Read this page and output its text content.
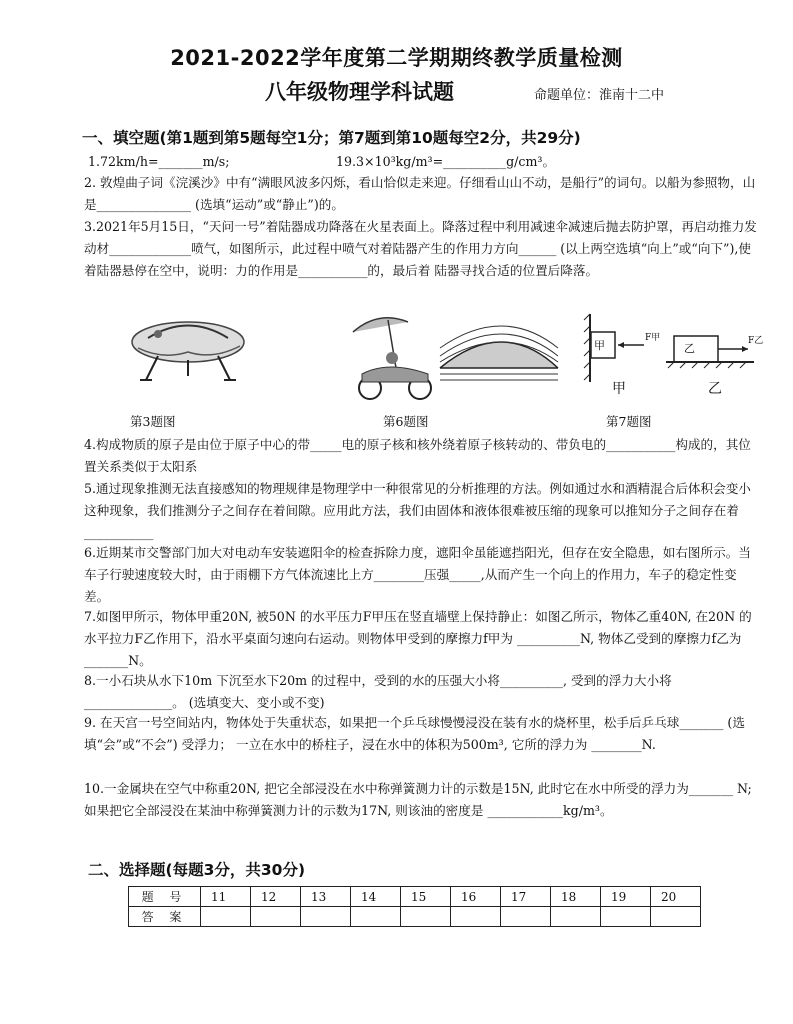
2021-2022学年度第二学期期终教学质量检测
八年级物理学科试题	命题单位：淮南十二中
一、填空题(第1题到第5题每空1分；第7题到第10题每空2分，共29分)
1.72km/h=_______m/s;	19.3×10³kg/m³=__________g/cm³。
2. 敦煌曲子词《浣溪沙》中有“满眼风波多闪烁，看山恰似走来迎。仔细看山山不动，是船行”的词句。以船为参照物，山是_______________ (选填“运动”或“静止”)的。
3.2021年5月15日，“天问一号”着陆器成功降落在火星表面上。降落过程中利用减速伞减速后抛去防护罩，再启动推力发动材_____________喷气，如图所示，此过程中喷气对着陆器产生的作用力方向______ (以上两空选填“向上”或“向下”),使着陆器悬停在空中，说明：力的作用是___________的，最后着 陆器寻找合适的位置后降落。
甲	乙
F甲	F乙
甲	乙
第3题图	第6题图	第7题图
4.构成物质的原子是由位于原子中心的带_____电的原子核和核外绕着原子核转动的、带负电的___________构成的，其位置关系类似于太阳系
5.通过现象推测无法直接感知的物理规律是物理学中一种很常见的分析推理的方法。例如通过水和酒精混合后体积会变小这种现象，我们推测分子之间存在着间隙。应用此方法，我们由固体和液体很难被压缩的现象可以推知分子之间存在着 ___________
6.近期某市交警部门加大对电动车安装遮阳伞的检查拆除力度，遮阳伞虽能遮挡阳光，但存在安全隐患，如右图所示。当车子行驶速度较大时，由于雨棚下方气体流速比上方________压强_____,从而产生一个向上的作用力，车子的稳定性变差。
7.如图甲所示，物体甲重20N, 被50N 的水平压力F甲压在竖直墙壁上保持静止：如图乙所示，物体乙重40N, 在20N 的水平拉力F乙作用下，沿水平桌面匀速向右运动。则物体甲受到的摩擦力f甲为 __________N, 物体乙受到的摩擦力f乙为 _______N。
8.一小石块从水下10m 下沉至水下20m 的过程中，受到的水的压强大小将__________, 受到的浮力大小将______________。 (选填变大、变小或不变)
9. 在天宫一号空间站内，物体处于失重状态，如果把一个乒乓球慢慢浸没在装有水的烧杯里，松手后乒乓球_______ (选填“会”或“不会”) 受浮力； 一立在水中的桥柱子，浸在水中的体积为500m³, 它所的浮力为 ________N.
10.一金属块在空气中称重20N, 把它全部浸没在水中称弹簧测力计的示数是15N, 此时它在水中所受的浮力为_______ N; 如果把它全部浸没在某油中称弹簧测力计的示数为17N, 则该油的密度是 ____________kg/m³。
二、选择题(每题3分，共30分)
题 号	11	12	13	14	15	16	17	18	19	20
答 案										
